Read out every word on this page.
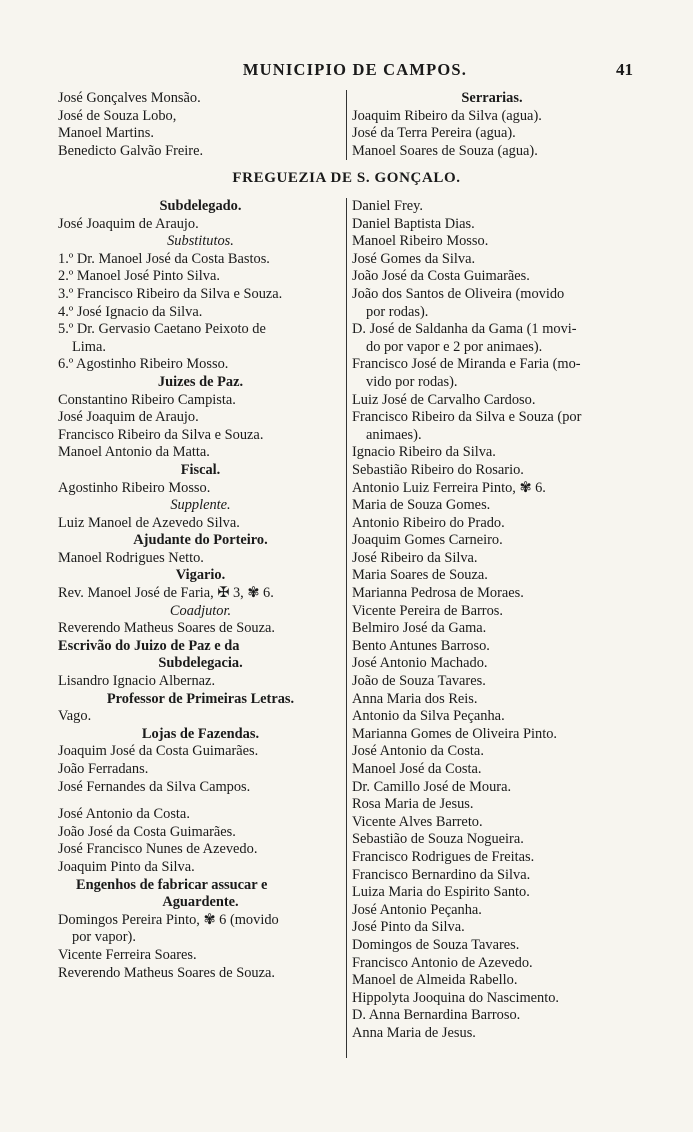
MUNICIPIO DE CAMPOS.	41
José Gonçalves Monsão.
José de Souza Lobo,
Manoel Martins.
Benedicto Galvão Freire.
Serrarias.
Joaquim Ribeiro da Silva (agua).
José da Terra Pereira (agua).
Manoel Soares de Souza (agua).
FREGUEZIA DE S. GONÇALO.
Subdelegado.
José Joaquim de Araujo.
Substitutos.
1.º Dr. Manoel José da Costa Bastos.
2.º Manoel José Pinto Silva.
3.º Francisco Ribeiro da Silva e Souza.
4.º José Ignacio da Silva.
5.º Dr. Gervasio Caetano Peixoto de
Lima.
6.º Agostinho Ribeiro Mosso.
Juizes de Paz.
Constantino Ribeiro Campista.
José Joaquim de Araujo.
Francisco Ribeiro da Silva e Souza.
Manoel Antonio da Matta.
Fiscal.
Agostinho Ribeiro Mosso.
Supplente.
Luiz Manoel de Azevedo Silva.
Ajudante do Porteiro.
Manoel Rodrigues Netto.
Vigario.
Rev. Manoel José de Faria, ✠ 3, ✾ 6.
Coadjutor.
Reverendo Matheus Soares de Souza.
Escrivão do Juizo de Paz e da
Subdelegacia.
Lisandro Ignacio Albernaz.
Professor de Primeiras Letras.
Vago.
Lojas de Fazendas.
Joaquim José da Costa Guimarães.
João Ferradans.
José Fernandes da Silva Campos.
José Antonio da Costa.
João José da Costa Guimarães.
José Francisco Nunes de Azevedo.
Joaquim Pinto da Silva.
Engenhos de fabricar assucar e
Aguardente.
Domingos Pereira Pinto, ✾ 6 (movido
por vapor).
Vicente Ferreira Soares.
Reverendo Matheus Soares de Souza.
Daniel Frey.
Daniel Baptista Dias.
Manoel Ribeiro Mosso.
José Gomes da Silva.
João José da Costa Guimarães.
João dos Santos de Oliveira (movido
por rodas).
D. José de Saldanha da Gama (1 movi-
do por vapor e 2 por animaes).
Francisco José de Miranda e Faria (mo-
vido por rodas).
Luiz José de Carvalho Cardoso.
Francisco Ribeiro da Silva e Souza (por
animaes).
Ignacio Ribeiro da Silva.
Sebastião Ribeiro do Rosario.
Antonio Luiz Ferreira Pinto, ✾ 6.
Maria de Souza Gomes.
Antonio Ribeiro do Prado.
Joaquim Gomes Carneiro.
José Ribeiro da Silva.
Maria Soares de Souza.
Marianna Pedrosa de Moraes.
Vicente Pereira de Barros.
Belmiro José da Gama.
Bento Antunes Barroso.
José Antonio Machado.
João de Souza Tavares.
Anna Maria dos Reis.
Antonio da Silva Peçanha.
Marianna Gomes de Oliveira Pinto.
José Antonio da Costa.
Manoel José da Costa.
Dr. Camillo José de Moura.
Rosa Maria de Jesus.
Vicente Alves Barreto.
Sebastião de Souza Nogueira.
Francisco Rodrigues de Freitas.
Francisco Bernardino da Silva.
Luiza Maria do Espirito Santo.
José Antonio Peçanha.
José Pinto da Silva.
Domingos de Souza Tavares.
Francisco Antonio de Azevedo.
Manoel de Almeida Rabello.
Hippolyta Jooquina do Nascimento.
D. Anna Bernardina Barroso.
Anna Maria de Jesus.
